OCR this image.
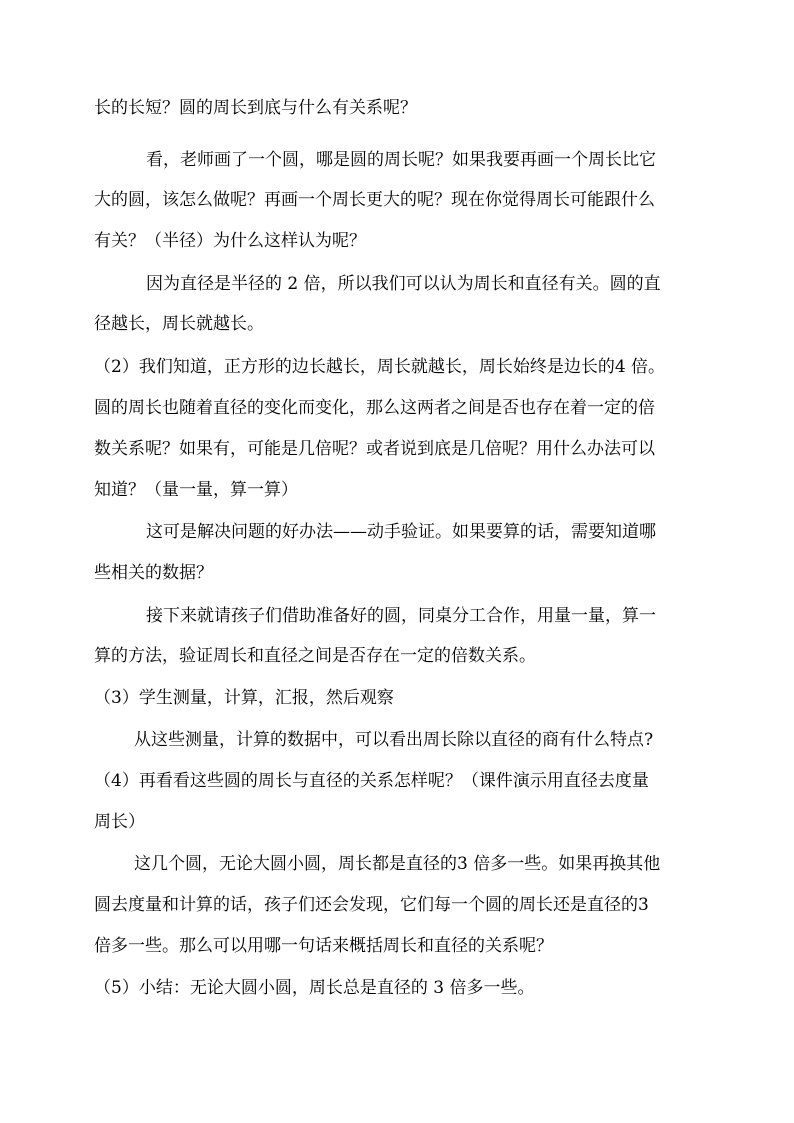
长的长短？圆的周长到底与什么有关系呢？
看，老师画了一个圆，哪是圆的周长呢？如果我要再画一个周长比它
大的圆，该怎么做呢？再画一个周长更大的呢？现在你觉得周长可能跟什么
有关？（半径）为什么这样认为呢？
因为直径是半径的 2 倍，所以我们可以认为周长和直径有关。圆的直
径越长，周长就越长。
（2）我们知道，正方形的边长越长，周长就越长，周长始终是边长的4 倍。
圆的周长也随着直径的变化而变化，那么这两者之间是否也存在着一定的倍
数关系呢？如果有，可能是几倍呢？或者说到底是几倍呢？用什么办法可以
知道？（量一量，算一算）
这可是解决问题的好办法——动手验证。如果要算的话，需要知道哪
些相关的数据？
接下来就请孩子们借助准备好的圆，同桌分工合作，用量一量，算一
算的方法，验证周长和直径之间是否存在一定的倍数关系。
（3）学生测量，计算，汇报，然后观察
从这些测量，计算的数据中，可以看出周长除以直径的商有什么特点?
（4）再看看这些圆的周长与直径的关系怎样呢？（课件演示用直径去度量
周长）
这几个圆，无论大圆小圆，周长都是直径的3 倍多一些。如果再换其他
圆去度量和计算的话，孩子们还会发现，它们每一个圆的周长还是直径的3
倍多一些。那么可以用哪一句话来概括周长和直径的关系呢？
（5）小结：无论大圆小圆，周长总是直径的 3 倍多一些。
